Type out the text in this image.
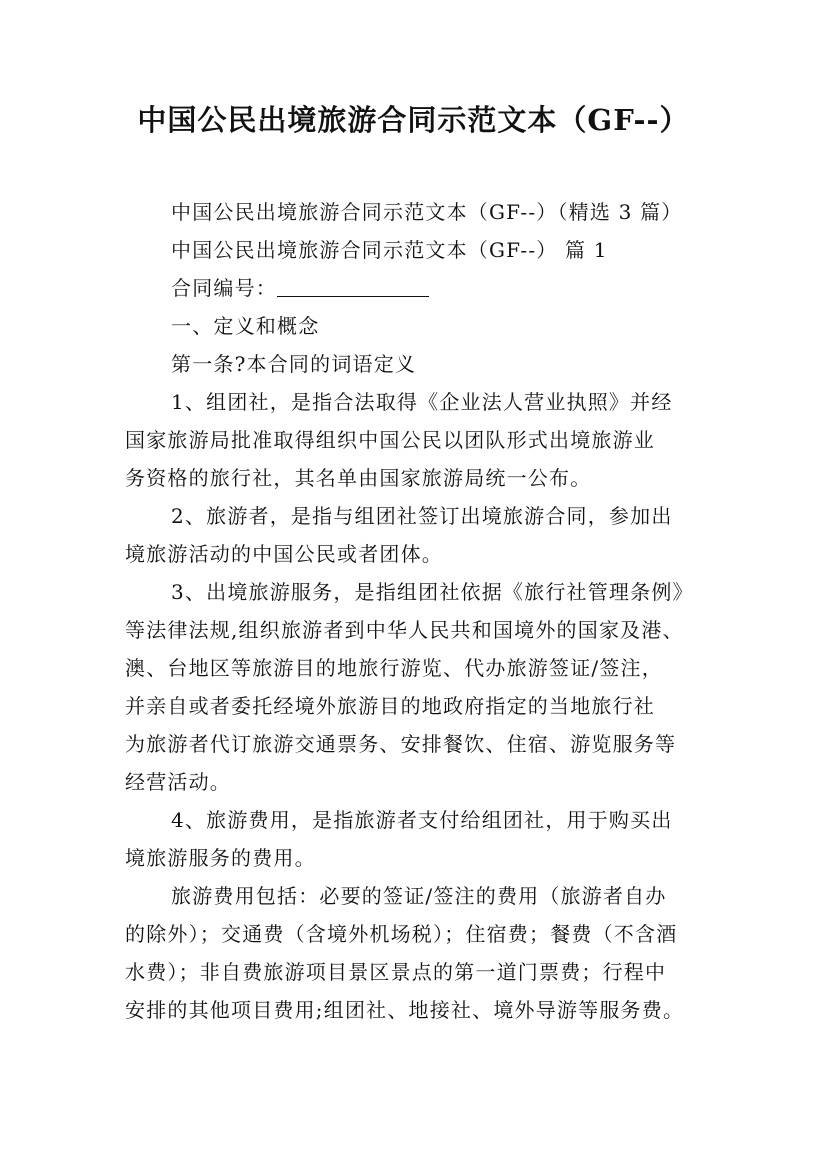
中国公民出境旅游合同示范文本（GF--）

中国公民出境旅游合同示范文本（GF--）（精选 3 篇）

中国公民出境旅游合同示范文本（GF--） 篇 1

合同编号：

一、定义和概念

第一条?本合同的词语定义

1、组团社，是指合法取得《企业法人营业执照》并经

国家旅游局批准取得组织中国公民以团队形式出境旅游业

务资格的旅行社，其名单由国家旅游局统一公布。

2、旅游者，是指与组团社签订出境旅游合同，参加出

境旅游活动的中国公民或者团体。

3、出境旅游服务，是指组团社依据《旅行社管理条例》

等法律法规,组织旅游者到中华人民共和国境外的国家及港、

澳、台地区等旅游目的地旅行游览、代办旅游签证/签注，

并亲自或者委托经境外旅游目的地政府指定的当地旅行社

为旅游者代订旅游交通票务、安排餐饮、住宿、游览服务等

经营活动。

4、旅游费用，是指旅游者支付给组团社，用于购买出

境旅游服务的费用。

旅游费用包括：必要的签证/签注的费用（旅游者自办

的除外）；交通费（含境外机场税）；住宿费；餐费（不含酒

水费）；非自费旅游项目景区景点的第一道门票费；行程中

安排的其他项目费用;组团社、地接社、境外导游等服务费。
